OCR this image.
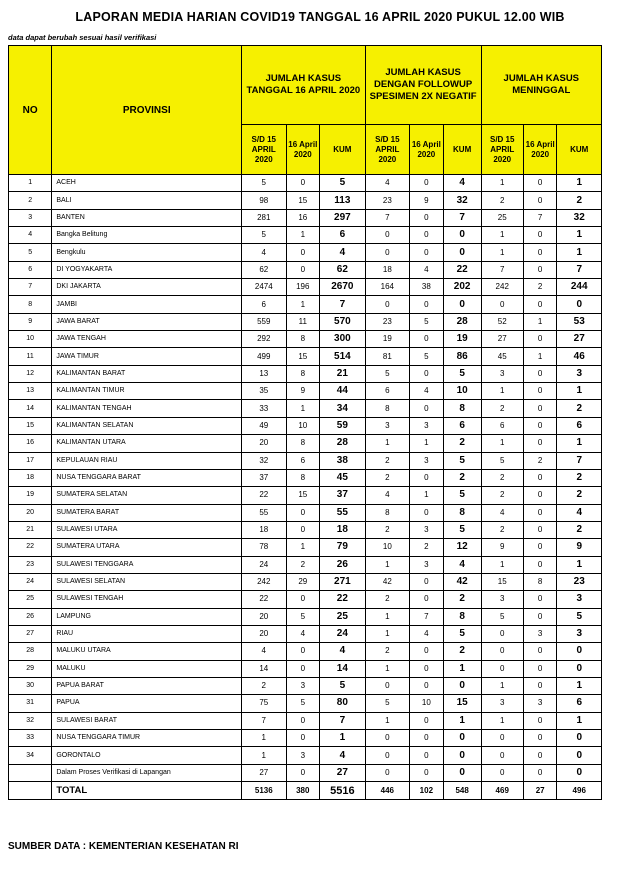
LAPORAN MEDIA HARIAN COVID19 TANGGAL 16 APRIL 2020 PUKUL 12.00 WIB
data dapat berubah sesuai hasil verifikasi
NO	PROVINSI	JUMLAH KASUS TANGGAL 16 APRIL 2020			JUMLAH KASUS DENGAN FOLLOWUP SPESIMEN 2X NEGATIF			JUMLAH KASUS MENINGGAL		
		S/D 15 APRIL 2020	16 April 2020	KUM	S/D 15 APRIL 2020	16 April 2020	KUM	S/D 15 APRIL 2020	16 April 2020	KUM
1	ACEH	5	0	5	4	0	4	1	0	1
2	BALI	98	15	113	23	9	32	2	0	2
3	BANTEN	281	16	297	7	0	7	25	7	32
4	Bangka Belitung	5	1	6	0	0	0	1	0	1
5	Bengkulu	4	0	4	0	0	0	1	0	1
6	DI YOGYAKARTA	62	0	62	18	4	22	7	0	7
7	DKI JAKARTA	2474	196	2670	164	38	202	242	2	244
8	JAMBI	6	1	7	0	0	0	0	0	0
9	JAWA BARAT	559	11	570	23	5	28	52	1	53
10	JAWA TENGAH	292	8	300	19	0	19	27	0	27
11	JAWA TIMUR	499	15	514	81	5	86	45	1	46
12	KALIMANTAN BARAT	13	8	21	5	0	5	3	0	3
13	KALIMANTAN TIMUR	35	9	44	6	4	10	1	0	1
14	KALIMANTAN TENGAH	33	1	34	8	0	8	2	0	2
15	KALIMANTAN SELATAN	49	10	59	3	3	6	6	0	6
16	KALIMANTAN UTARA	20	8	28	1	1	2	1	0	1
17	KEPULAUAN RIAU	32	6	38	2	3	5	5	2	7
18	NUSA TENGGARA BARAT	37	8	45	2	0	2	2	0	2
19	SUMATERA SELATAN	22	15	37	4	1	5	2	0	2
20	SUMATERA BARAT	55	0	55	8	0	8	4	0	4
21	SULAWESI UTARA	18	0	18	2	3	5	2	0	2
22	SUMATERA UTARA	78	1	79	10	2	12	9	0	9
23	SULAWESI TENGGARA	24	2	26	1	3	4	1	0	1
24	SULAWESI SELATAN	242	29	271	42	0	42	15	8	23
25	SULAWESI TENGAH	22	0	22	2	0	2	3	0	3
26	LAMPUNG	20	5	25	1	7	8	5	0	5
27	RIAU	20	4	24	1	4	5	0	3	3
28	MALUKU UTARA	4	0	4	2	0	2	0	0	0
29	MALUKU	14	0	14	1	0	1	0	0	0
30	PAPUA BARAT	2	3	5	0	0	0	1	0	1
31	PAPUA	75	5	80	5	10	15	3	3	6
32	SULAWESI BARAT	7	0	7	1	0	1	1	0	1
33	NUSA TENGGARA TIMUR	1	0	1	0	0	0	0	0	0
34	GORONTALO	1	3	4	0	0	0	0	0	0
	Dalam Proses Verifikasi di Lapangan	27	0	27	0	0	0	0	0	0
	TOTAL	5136	380	5516	446	102	548	469	27	496
SUMBER DATA : KEMENTERIAN KESEHATAN RI
